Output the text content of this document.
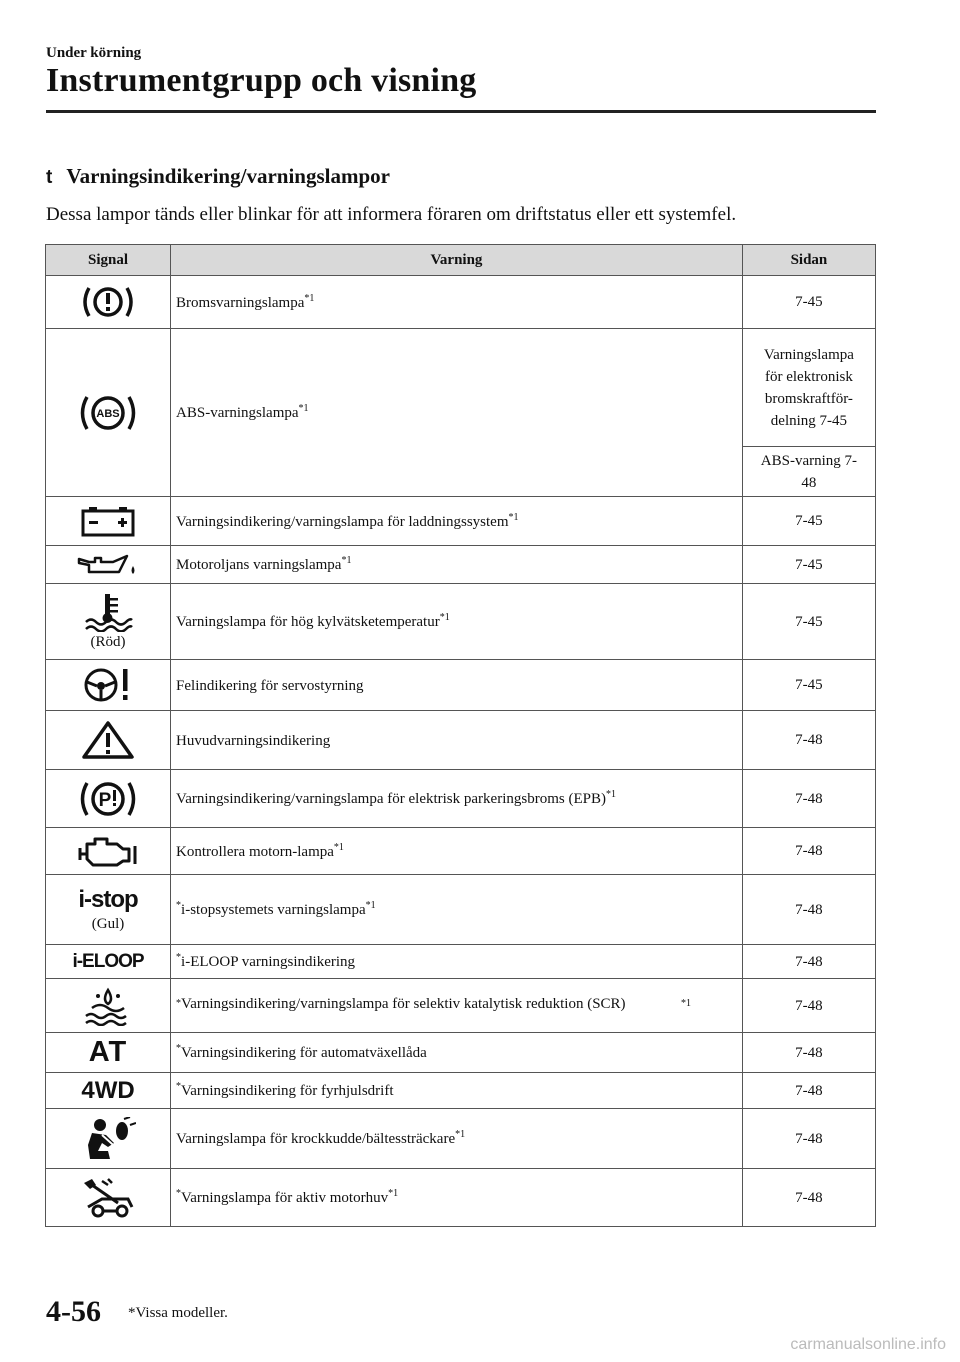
Under körning
Instrumentgrupp och visning
t Varningsindikering/varningslampor
Dessa lampor tänds eller blinkar för att informera föraren om driftstatus eller ett systemfel.
Signal	Varning	Sidan

	Bromsvarningslampa$^{*1}$	7-45

ABS	ABS-varningslampa$^{*1}$	Varningslampa för elektronisk bromskraftför-delning 7-45
		ABS-varning 7-48

	Varningsindikering/varningslampa för laddningssystem$^{*1}$	7-45

	Motoroljans varningslampa$^{*1}$	7-45

(Röd)	Varningslampa för hög kylvätsketemperatur$^{*1}$	7-45

	Felindikering för servostyrning	7-45

	Huvudvarningsindikering	7-48

P	Varningsindikering/varningslampa för elektrisk parkeringsbroms (EPB)$^{*1}$	7-48

	Kontrollera motorn-lampa$^{*1}$	7-48

i-stop
(Gul)	*i-stopsystemets varningslampa$^{*1}$	7-48
i-ELOOP	*i-ELOOP varningsindikering	7-48

	*Varningsindikering/varningslampa för selektiv katalytisk reduktion (SCR) $^{*1}$	7-48
AT	*Varningsindikering för automatväxellåda	7-48
4WD	*Varningsindikering för fyrhjulsdrift	7-48

	Varningslampa för krockkudde/bältessträckare$^{*1}$	7-48

	*Varningslampa för aktiv motorhuv$^{*1}$	7-48
4-56 *Vissa modeller.
carmanualsonline.info
